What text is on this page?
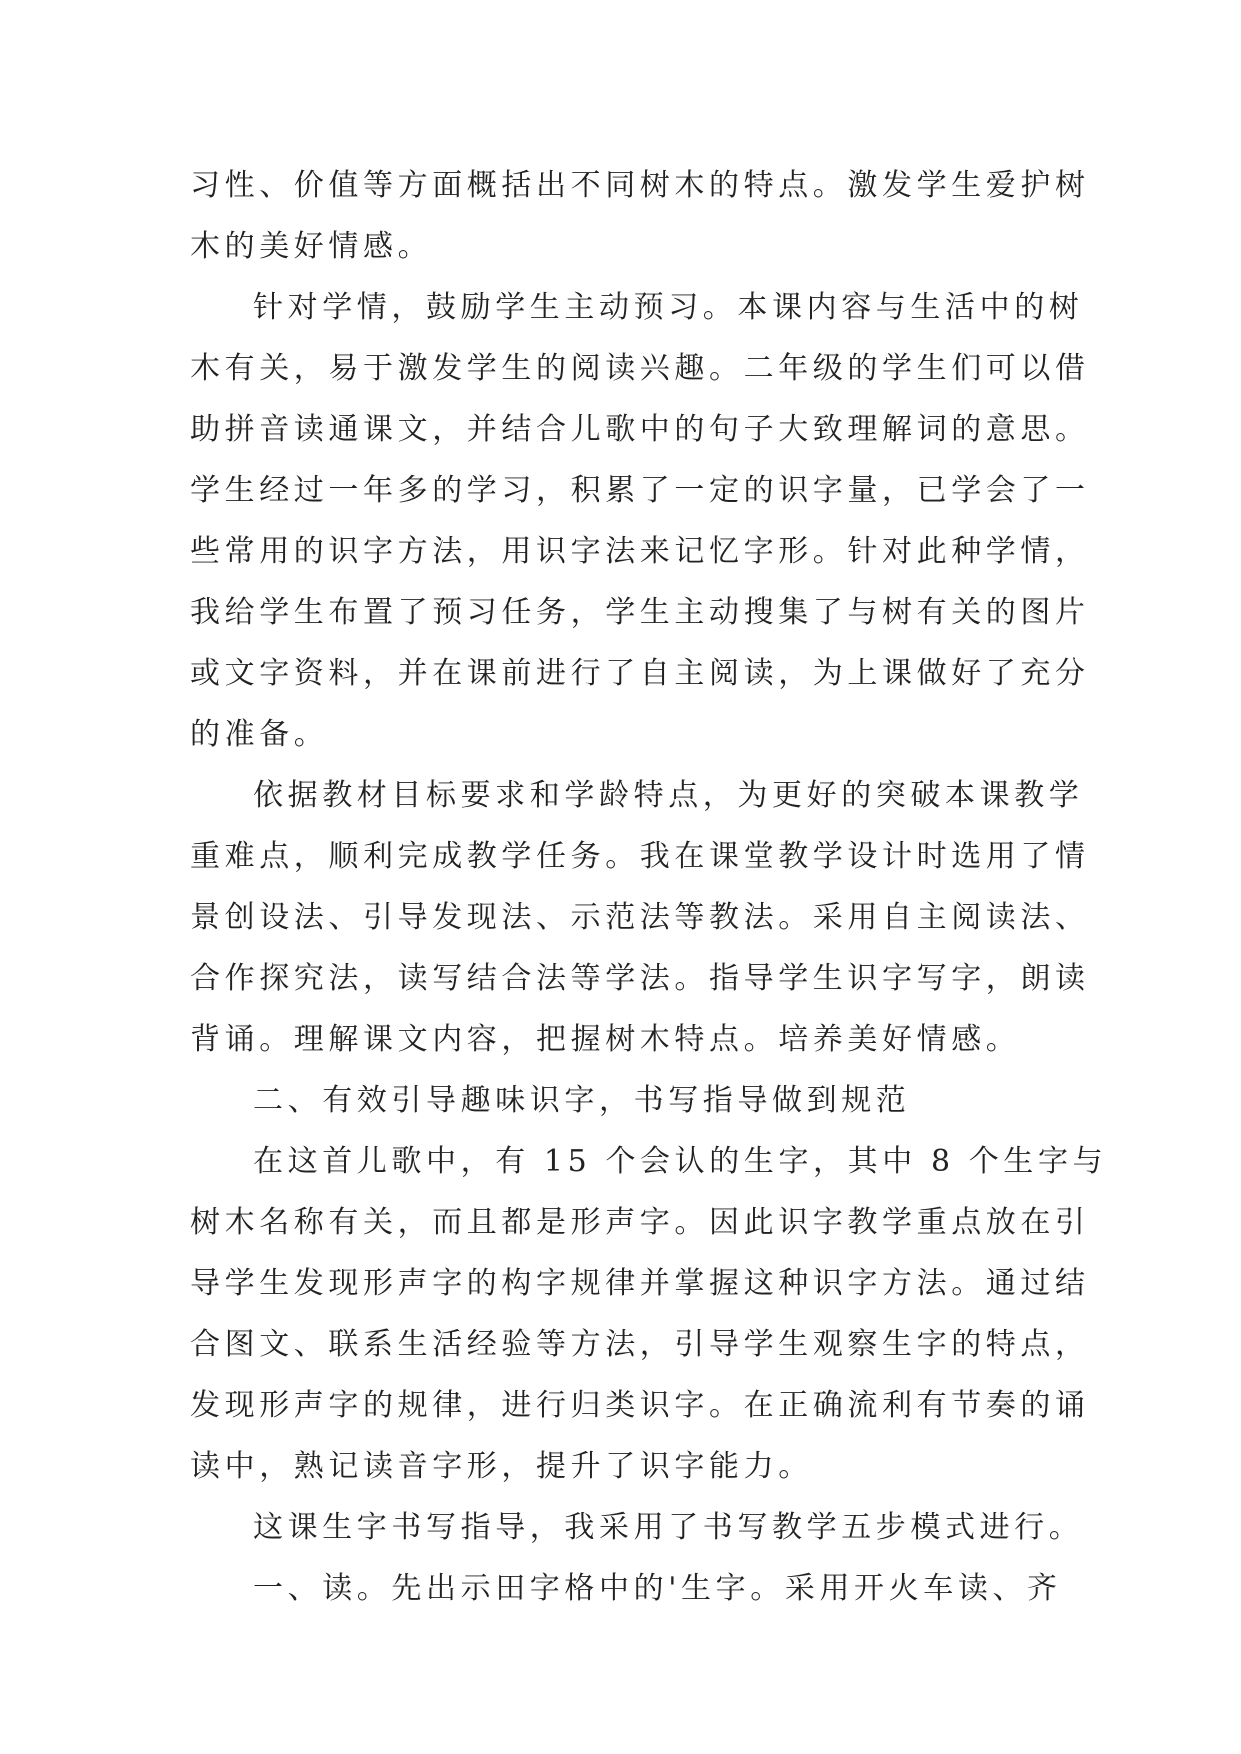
习性、价值等方面概括出不同树木的特点。激发学生爱护树
木的美好情感。
针对学情，鼓励学生主动预习。本课内容与生活中的树
木有关，易于激发学生的阅读兴趣。二年级的学生们可以借
助拼音读通课文，并结合儿歌中的句子大致理解词的意思。
学生经过一年多的学习，积累了一定的识字量，已学会了一
些常用的识字方法，用识字法来记忆字形。针对此种学情，
我给学生布置了预习任务，学生主动搜集了与树有关的图片
或文字资料，并在课前进行了自主阅读，为上课做好了充分
的准备。
依据教材目标要求和学龄特点，为更好的突破本课教学
重难点，顺利完成教学任务。我在课堂教学设计时选用了情
景创设法、引导发现法、示范法等教法。采用自主阅读法、
合作探究法，读写结合法等学法。指导学生识字写字，朗读
背诵。理解课文内容，把握树木特点。培养美好情感。
二、有效引导趣味识字，书写指导做到规范
在这首儿歌中，有 15 个会认的生字，其中 8 个生字与
树木名称有关，而且都是形声字。因此识字教学重点放在引
导学生发现形声字的构字规律并掌握这种识字方法。通过结
合图文、联系生活经验等方法，引导学生观察生字的特点，
发现形声字的规律，进行归类识字。在正确流利有节奏的诵
读中，熟记读音字形，提升了识字能力。
这课生字书写指导，我采用了书写教学五步模式进行。
一、读。先出示田字格中的'生字。采用开火车读、齐
